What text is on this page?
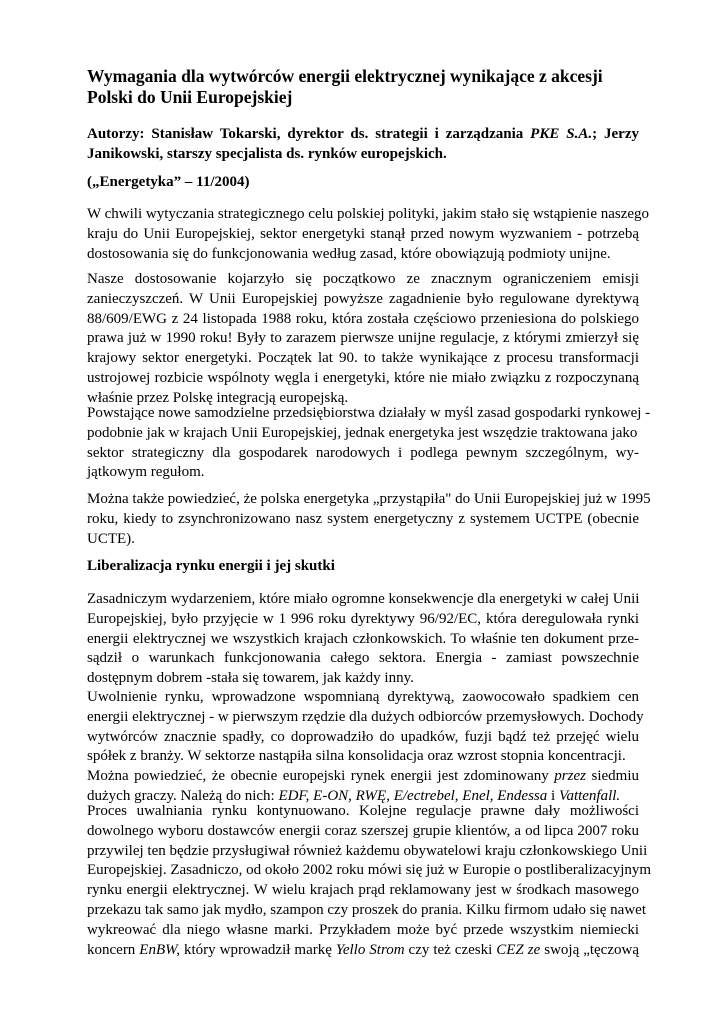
Wymagania dla wytwórców energii elektrycznej wynikające z akcesji Polski do Unii Europejskiej

Autorzy: Stanisław Tokarski, dyrektor ds. strategii i zarządzania PKE S.A.; Jerzy Janikowski, starszy specjalista ds. rynków europejskich.

(„Energetyka” – 11/2004)

W chwili wytyczania strategicznego celu polskiej polityki, jakim stało się wstąpienie naszego
kraju do Unii Europejskiej, sektor energetyki stanął przed nowym wyzwaniem - potrzebą
dostosowania się do funkcjonowania według zasad, które obowiązują podmioty unijne.

Nasze dostosowanie kojarzyło się początkowo ze znacznym ograniczeniem emisji
zanieczyszczeń. W Unii Europejskiej powyższe zagadnienie było regulowane dyrektywą
88/609/EWG z 24 listopada 1988 roku, która została częściowo przeniesiona do polskiego
prawa już w 1990 roku! Były to zarazem pierwsze unijne regulacje, z którymi zmierzył się
krajowy sektor energetyki. Początek lat 90. to także wynikające z procesu transformacji
ustrojowej rozbicie wspólnoty węgla i energetyki, które nie miało związku z rozpoczynaną
właśnie przez Polskę integracją europejską.

Powstające nowe samodzielne przedsiębiorstwa działały w myśl zasad gospodarki rynkowej -
podobnie jak w krajach Unii Europejskiej, jednak energetyka jest wszędzie traktowana jako
sektor strategiczny dla gospodarek narodowych i podlega pewnym szczególnym, wy-
jątkowym regułom.

Można także powiedzieć, że polska energetyka „przystąpiła" do Unii Europejskiej już w 1995
roku, kiedy to zsynchronizowano nasz system energetyczny z systemem UCTPE (obecnie
UCTE).

Liberalizacja rynku energii i jej skutki

Zasadniczym wydarzeniem, które miało ogromne konsekwencje dla energetyki w całej Unii
Europejskiej, było przyjęcie w 1 996 roku dyrektywy 96/92/EC, która deregulowała rynki
energii elektrycznej we wszystkich krajach członkowskich. To właśnie ten dokument prze-
sądził o warunkach funkcjonowania całego sektora. Energia - zamiast powszechnie
dostępnym dobrem -stała się towarem, jak każdy inny.

Uwolnienie rynku, wprowadzone wspomnianą dyrektywą, zaowocowało spadkiem cen
energii elektrycznej - w pierwszym rzędzie dla dużych odbiorców przemysłowych. Dochody
wytwórców znacznie spadły, co doprowadziło do upadków, fuzji bądź też przejęć wielu
spółek z branży. W sektorze nastąpiła silna konsolidacja oraz wzrost stopnia koncentracji.
Można powiedzieć, że obecnie europejski rynek energii jest zdominowany przez siedmiu
dużych graczy. Należą do nich: EDF, E-ON, RWĘ, E/ectrebel, Enel, Endessa i Vattenfall.

Proces uwalniania rynku kontynuowano. Kolejne regulacje prawne dały możliwości
dowolnego wyboru dostawców energii coraz szerszej grupie klientów, a od lipca 2007 roku
przywilej ten będzie przysługiwał również każdemu obywatelowi kraju członkowskiego Unii
Europejskiej. Zasadniczo, od około 2002 roku mówi się już w Europie o postliberalizacyjnym
rynku energii elektrycznej. W wielu krajach prąd reklamowany jest w środkach masowego
przekazu tak samo jak mydło, szampon czy proszek do prania. Kilku firmom udało się nawet
wykreować dla niego własne marki. Przykładem może być przede wszystkim niemiecki
koncern EnBW, który wprowadził markę Yello Strom czy też czeski CEZ ze swoją „tęczową
